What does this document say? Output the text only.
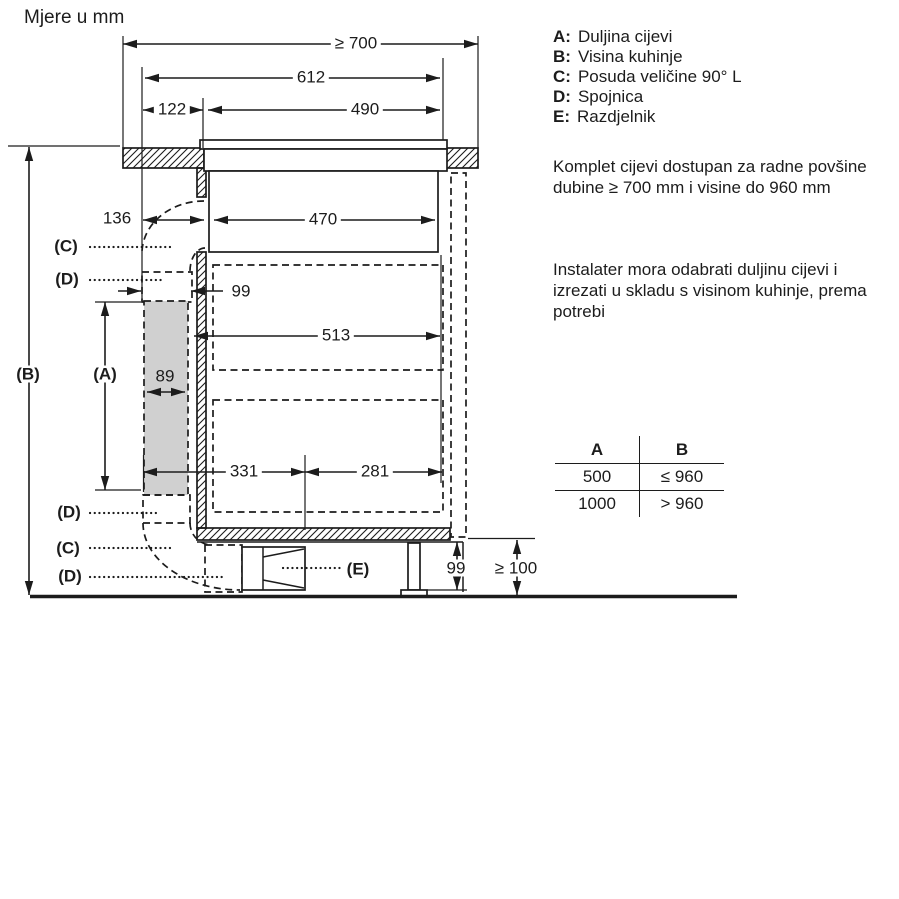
Mjere u mm
≥ 700
612
122	490
136	470
99
513
89
331	281
99 ≥ 100
(B)	(A)
(C)
(D)
(D)
(C)
(D)	(E)
A: Duljina cijevi
B: Visina kuhinje
C: Posuda veličine 90° L
D: Spojnica
E: Razdjelnik
Komplet cijevi dostupan za radne povšine dubine ≥ 700 mm i visine do 960 mm
Instalater mora odabrati duljinu cijevi i izrezati u skladu s visinom kuhinje, prema potrebi
A	B
500	≤ 960
1000	> 960
